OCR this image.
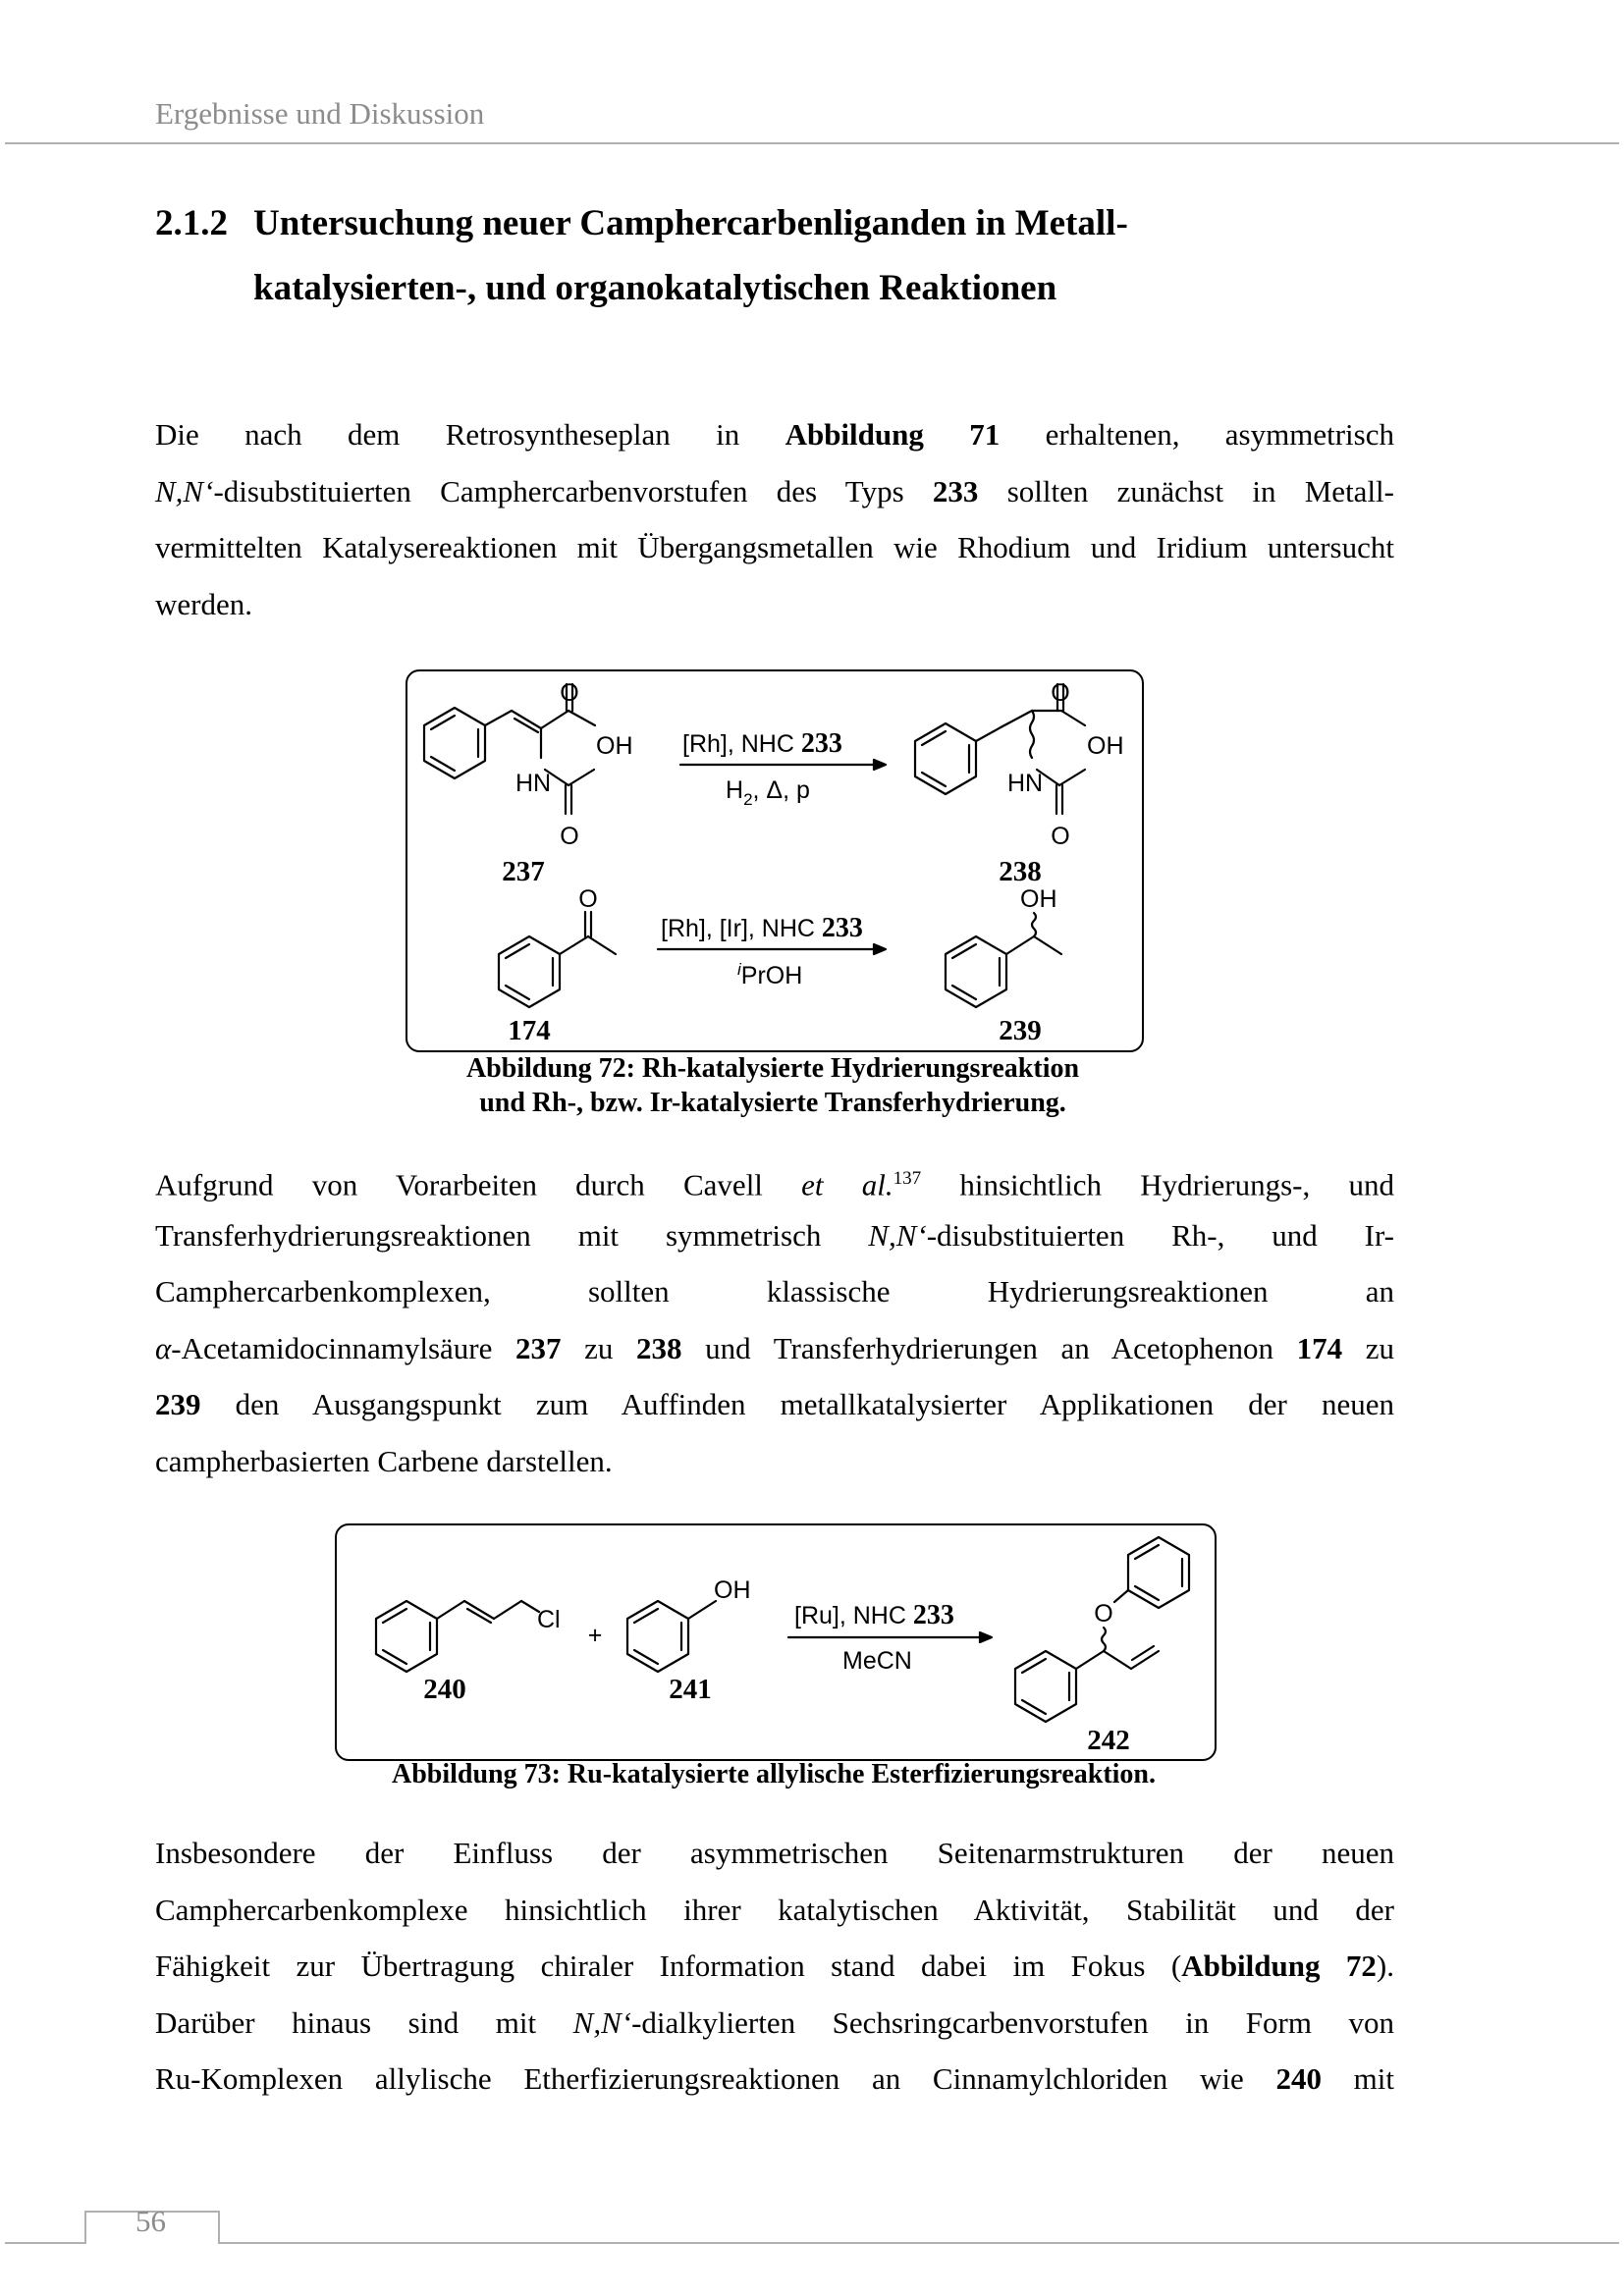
Ergebnisse und Diskussion
2.1.2 Untersuchung neuer Camphercarbenliganden in Metall-
katalysierten-, und organokatalytischen Reaktionen
Die nach dem Retrosyntheseplan in Abbildung 71 erhaltenen, asymmetrisch
N,N‘-disubstituierten Camphercarbenvorstufen des Typs 233 sollten zunächst in Metall-
vermittelten Katalysereaktionen mit Übergangsmetallen wie Rhodium und Iridium untersucht
werden.
O
OH
HN
O
O
OH
HN
O
O	OH
[Rh], NHC 233
$H_2$, Δ, p
[Rh], [Ir], NHC 233
$^i$PrOH
237	238
174	239
Abbildung 72: Rh-katalysierte Hydrierungsreaktion
und Rh-, bzw. Ir-katalysierte Transferhydrierung.
Aufgrund von Vorarbeiten durch Cavell et al.$^{137}$ hinsichtlich Hydrierungs-, und
Transferhydrierungsreaktionen mit symmetrisch N,N‘-disubstituierten Rh-, und Ir-
Camphercarbenkomplexen, sollten klassische Hydrierungsreaktionen an
α-Acetamidocinnamylsäure 237 zu 238 und Transferhydrierungen an Acetophenon 174 zu
239 den Ausgangspunkt zum Auffinden metallkatalysierter Applikationen der neuen
campherbasierten Carbene darstellen.
Cl
OH
O
+
[Ru], NHC 233
MeCN
240	241
242
Abbildung 73: Ru-katalysierte allylische Esterfizierungsreaktion.
Insbesondere der Einfluss der asymmetrischen Seitenarmstrukturen der neuen
Camphercarbenkomplexe hinsichtlich ihrer katalytischen Aktivität, Stabilität und der
Fähigkeit zur Übertragung chiraler Information stand dabei im Fokus (Abbildung 72).
Darüber hinaus sind mit N,N‘-dialkylierten Sechsringcarbenvorstufen in Form von
Ru-Komplexen allylische Etherfizierungsreaktionen an Cinnamylchloriden wie 240 mit
56
